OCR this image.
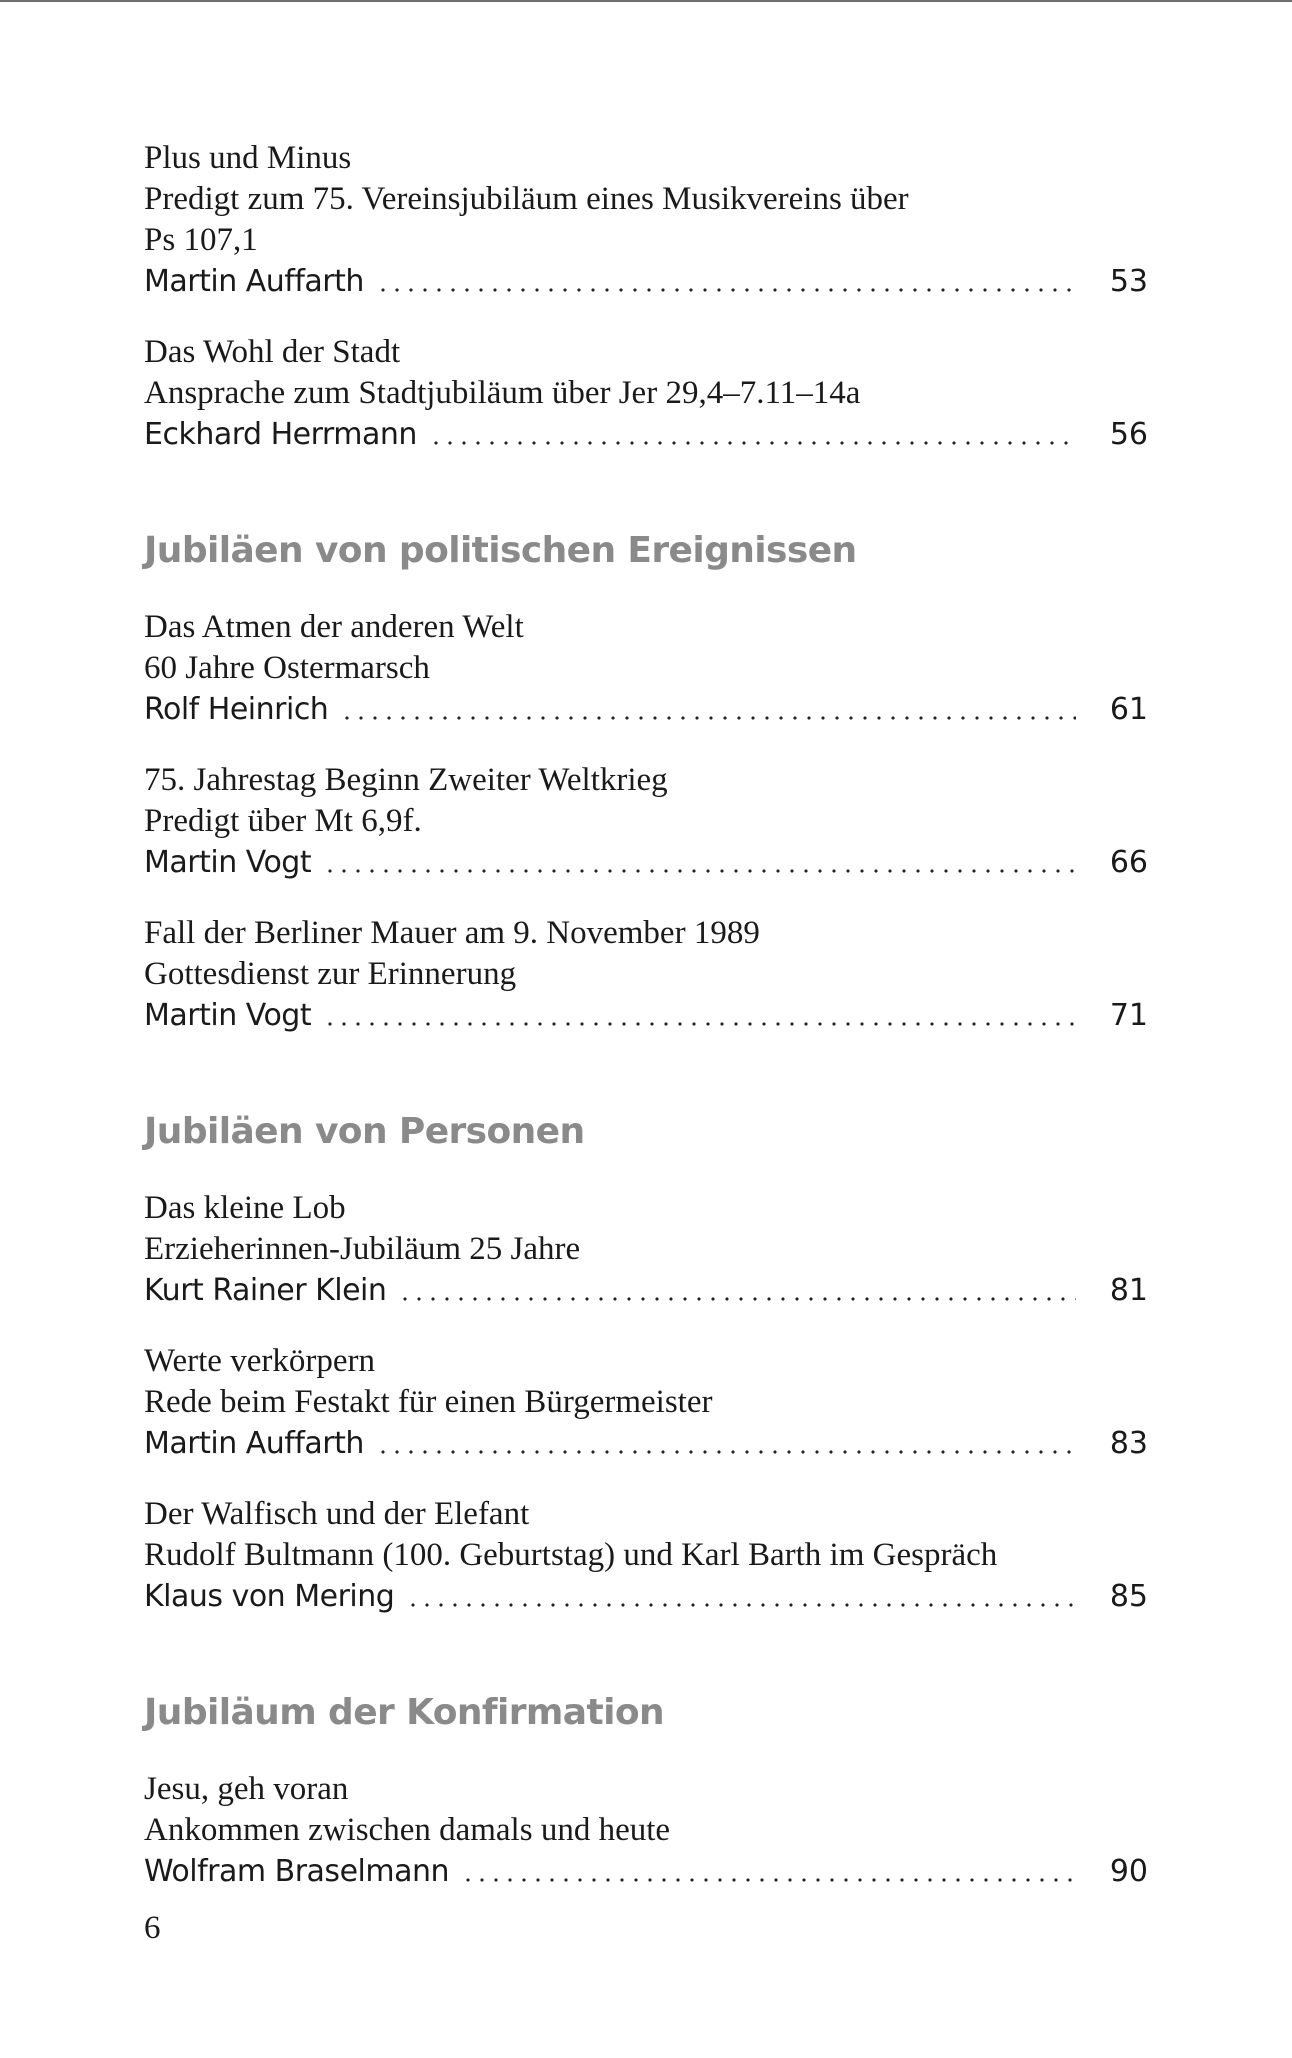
Plus und Minus
Predigt zum 75. Vereinsjubiläum eines Musikvereins über
Ps 107,1
Martin Auffarth	53
Das Wohl der Stadt
Ansprache zum Stadtjubiläum über Jer 29,4–7.11–14a
Eckhard Herrmann	56
Jubiläen von politischen Ereignissen
Das Atmen der anderen Welt
60 Jahre Ostermarsch
Rolf Heinrich	61
75. Jahrestag Beginn Zweiter Weltkrieg
Predigt über Mt 6,9f.
Martin Vogt	66
Fall der Berliner Mauer am 9. November 1989
Gottesdienst zur Erinnerung
Martin Vogt	71
Jubiläen von Personen
Das kleine Lob
Erzieherinnen-Jubiläum 25 Jahre
Kurt Rainer Klein	81
Werte verkörpern
Rede beim Festakt für einen Bürgermeister
Martin Auffarth	83
Der Walfisch und der Elefant
Rudolf Bultmann (100. Geburtstag) und Karl Barth im Gespräch
Klaus von Mering	85
Jubiläum der Konfirmation
Jesu, geh voran
Ankommen zwischen damals und heute
Wolfram Braselmann	90
6
